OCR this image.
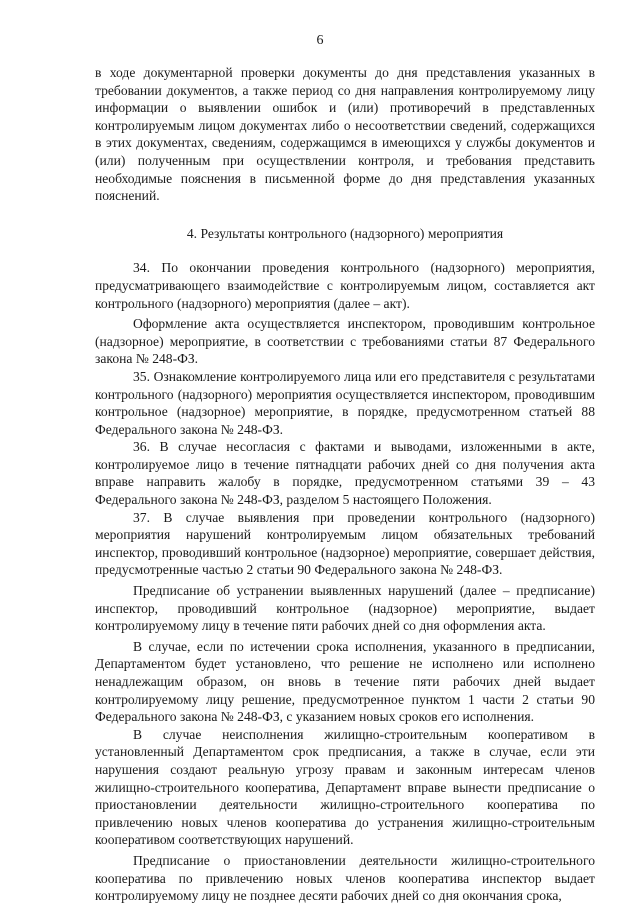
6

в ходе документарной проверки документы до дня представления указанных в требовании документов, а также период со дня направления контролируемому лицу информации о выявлении ошибок и (или) противоречий в представленных контролируемым лицом документах либо о несоответствии сведений, содержащихся в этих документах, сведениям, содержащимся в имеющихся у службы документов и (или) полученным при осуществлении контроля, и требования представить необходимые пояснения в письменной форме до дня представления указанных пояснений.

4. Результаты контрольного (надзорного) мероприятия

34. По окончании проведения контрольного (надзорного) мероприятия, предусматривающего взаимодействие с контролируемым лицом, составляется акт контрольного (надзорного) мероприятия (далее – акт).

Оформление акта осуществляется инспектором, проводившим контрольное (надзорное) мероприятие, в соответствии с требованиями статьи 87 Федерального закона № 248-ФЗ.

35. Ознакомление контролируемого лица или его представителя с результатами контрольного (надзорного) мероприятия осуществляется инспектором, проводившим контрольное (надзорное) мероприятие, в порядке, предусмотренном статьей 88 Федерального закона № 248-ФЗ.

36. В случае несогласия с фактами и выводами, изложенными в акте, контролируемое лицо в течение пятнадцати рабочих дней со дня получения акта вправе направить жалобу в порядке, предусмотренном статьями 39 – 43 Федерального закона № 248-ФЗ, разделом 5 настоящего Положения.

37. В случае выявления при проведении контрольного (надзорного) мероприятия нарушений контролируемым лицом обязательных требований инспектор, проводивший контрольное (надзорное) мероприятие, совершает действия, предусмотренные частью 2 статьи 90 Федерального закона № 248-ФЗ.

Предписание об устранении выявленных нарушений (далее – предписание) инспектор, проводивший контрольное (надзорное) мероприятие, выдает контролируемому лицу в течение пяти рабочих дней со дня оформления акта.

В случае, если по истечении срока исполнения, указанного в предписании, Департаментом будет установлено, что решение не исполнено или исполнено ненадлежащим образом, он вновь в течение пяти рабочих дней выдает контролируемому лицу решение, предусмотренное пунктом 1 части 2 статьи 90 Федерального закона № 248-ФЗ, с указанием новых сроков его исполнения.

В случае неисполнения жилищно-строительным кооперативом в установленный Департаментом срок предписания, а также в случае, если эти нарушения создают реальную угрозу правам и законным интересам членов жилищно-строительного кооператива, Департамент вправе вынести предписание о приостановлении деятельности жилищно-строительного кооператива по привлечению новых членов кооператива до устранения жилищно-строительным кооперативом соответствующих нарушений.

Предписание о приостановлении деятельности жилищно-строительного кооператива по привлечению новых членов кооператива инспектор выдает контролируемому лицу не позднее десяти рабочих дней со дня окончания срока,
